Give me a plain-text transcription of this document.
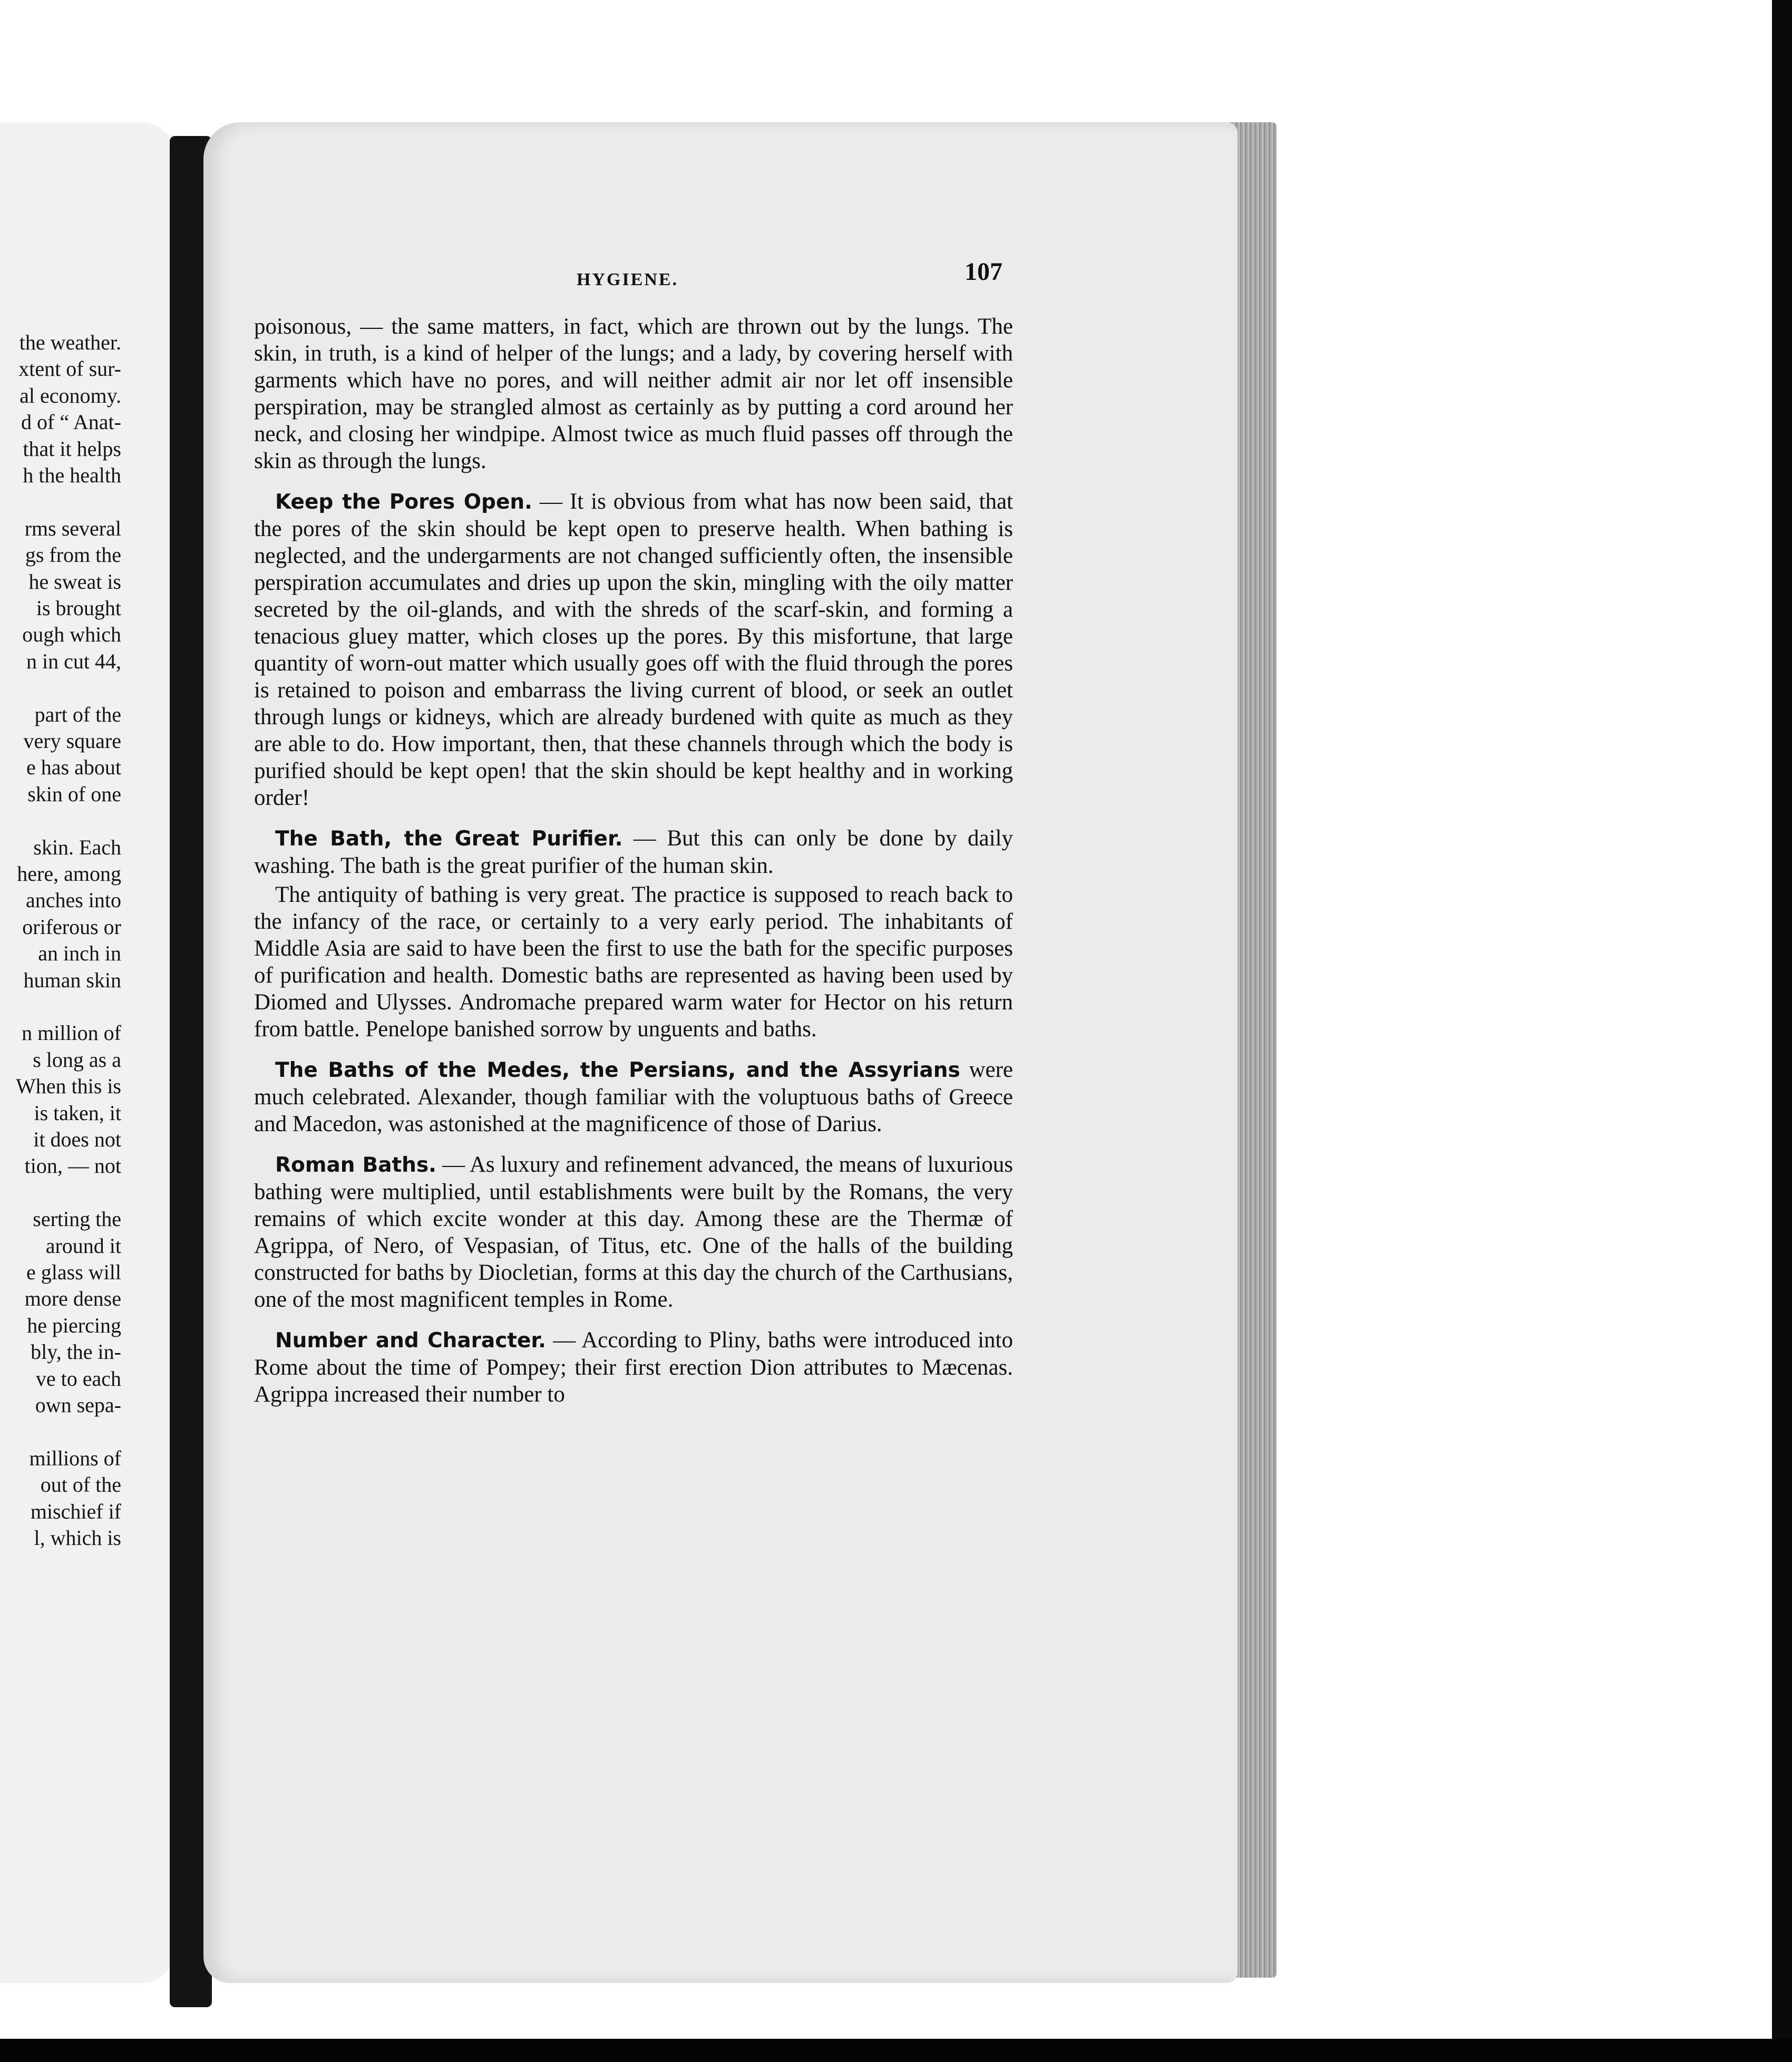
the weather.
xtent of sur-
al economy.
d of “ Anat-
that it helps
h the health
rms several
gs from the
he sweat is
is brought
ough which
n in cut 44,
part of the
very square
e has about
skin of one
skin. Each
here, among
anches into
oriferous or
an inch in
human skin
n million of
s long as a
When this is
is taken, it
it does not
tion, — not
serting the
around it
e glass will
more dense
he piercing
bly, the in-
ve to each
own sepa-
millions of
out of the
mischief if
l, which is
HYGIENE.	107

poisonous, — the same matters, in fact, which are thrown out by the lungs. The skin, in truth, is a kind of helper of the lungs; and a lady, by covering herself with garments which have no pores, and will neither admit air nor let off insensible perspiration, may be strangled almost as certainly as by putting a cord around her neck, and closing her windpipe. Almost twice as much fluid passes off through the skin as through the lungs.

Keep the Pores Open. — It is obvious from what has now been said, that the pores of the skin should be kept open to preserve health. When bathing is neglected, and the undergarments are not changed sufficiently often, the insensible perspiration accumulates and dries up upon the skin, mingling with the oily matter secreted by the oil-glands, and with the shreds of the scarf-skin, and forming a tenacious gluey matter, which closes up the pores. By this misfortune, that large quantity of worn-out matter which usually goes off with the fluid through the pores is retained to poison and embarrass the living current of blood, or seek an outlet through lungs or kidneys, which are already burdened with quite as much as they are able to do. How important, then, that these channels through which the body is purified should be kept open! that the skin should be kept healthy and in working order!

The Bath, the Great Purifier. — But this can only be done by daily washing. The bath is the great purifier of the human skin.

The antiquity of bathing is very great. The practice is supposed to reach back to the infancy of the race, or certainly to a very early period. The inhabitants of Middle Asia are said to have been the first to use the bath for the specific purposes of purification and health. Domestic baths are represented as having been used by Diomed and Ulysses. Andromache prepared warm water for Hector on his return from battle. Penelope banished sorrow by unguents and baths.

The Baths of the Medes, the Persians, and the Assyrians were much celebrated. Alexander, though familiar with the voluptuous baths of Greece and Macedon, was astonished at the magnificence of those of Darius.

Roman Baths. — As luxury and refinement advanced, the means of luxurious bathing were multiplied, until establishments were built by the Romans, the very remains of which excite wonder at this day. Among these are the Thermæ of Agrippa, of Nero, of Vespasian, of Titus, etc. One of the halls of the building constructed for baths by Diocletian, forms at this day the church of the Carthusians, one of the most magnificent temples in Rome.

Number and Character. — According to Pliny, baths were introduced into Rome about the time of Pompey; their first erection Dion attributes to Mæcenas. Agrippa increased their number to
